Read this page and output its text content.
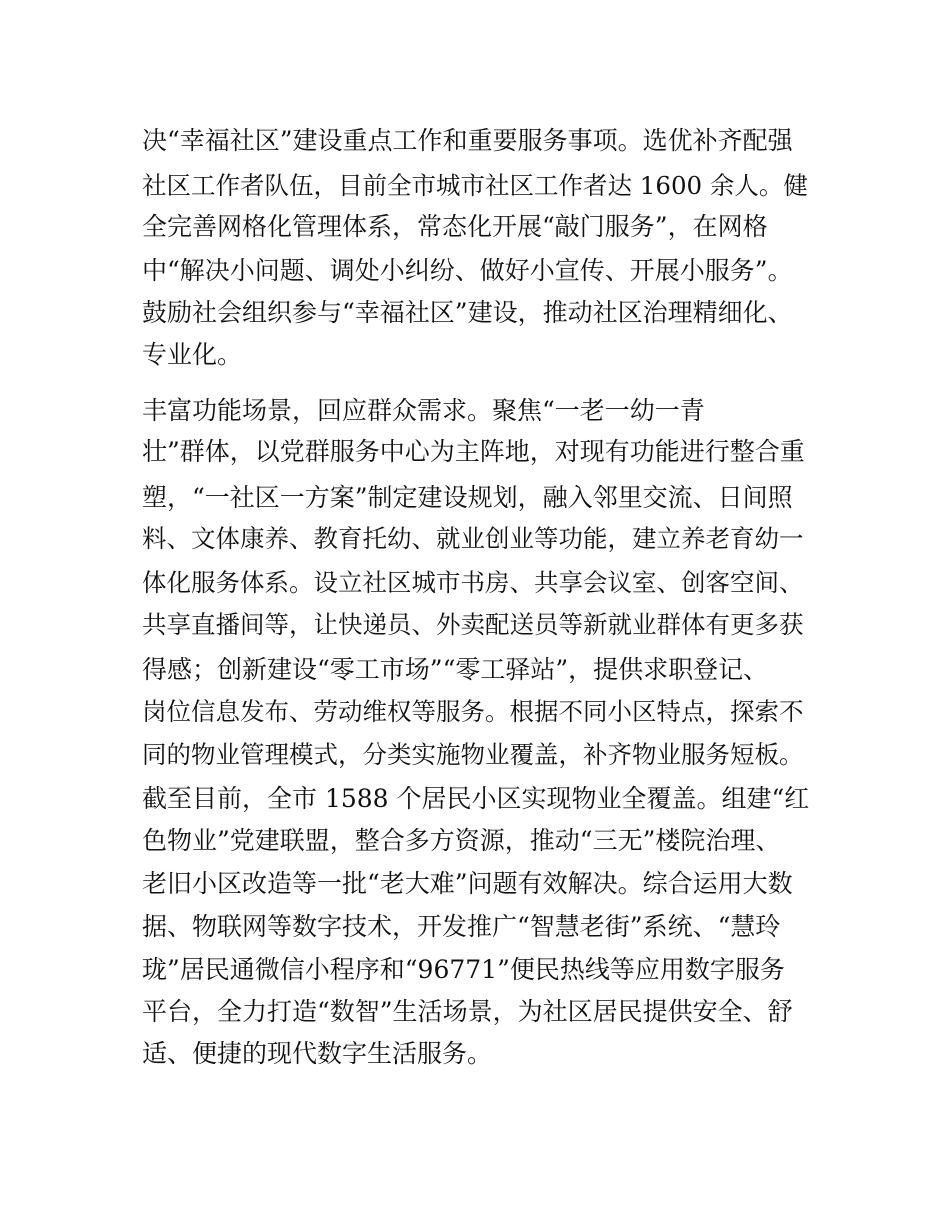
决“幸福社区”建设重点工作和重要服务事项。选优补齐配强
社区工作者队伍，目前全市城市社区工作者达 1600 余人。健
全完善网格化管理体系，常态化开展“敲门服务”，在网格
中“解决小问题、调处小纠纷、做好小宣传、开展小服务”。
鼓励社会组织参与“幸福社区”建设，推动社区治理精细化、
专业化。
丰富功能场景，回应群众需求。聚焦“一老一幼一青
壮”群体，以党群服务中心为主阵地，对现有功能进行整合重
塑，“一社区一方案”制定建设规划，融入邻里交流、日间照
料、文体康养、教育托幼、就业创业等功能，建立养老育幼一
体化服务体系。设立社区城市书房、共享会议室、创客空间、
共享直播间等，让快递员、外卖配送员等新就业群体有更多获
得感；创新建设“零工市场”“零工驿站”，提供求职登记、
岗位信息发布、劳动维权等服务。根据不同小区特点，探索不
同的物业管理模式，分类实施物业覆盖，补齐物业服务短板。
截至目前，全市 1588 个居民小区实现物业全覆盖。组建“红
色物业”党建联盟，整合多方资源，推动“三无”楼院治理、
老旧小区改造等一批“老大难”问题有效解决。综合运用大数
据、物联网等数字技术，开发推广“智慧老街”系统、“慧玲
珑”居民通微信小程序和“96771”便民热线等应用数字服务
平台，全力打造“数智”生活场景，为社区居民提供安全、舒
适、便捷的现代数字生活服务。
